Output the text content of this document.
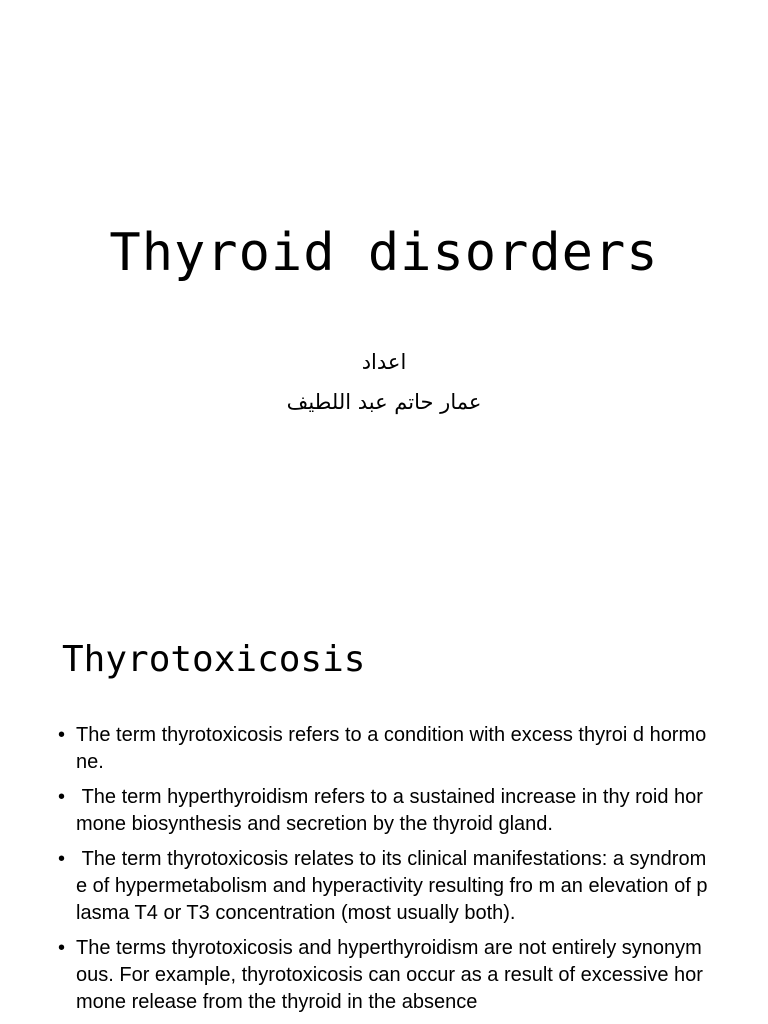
Thyroid disorders
اعداد
عمار حاتم عبد اللطيف
Thyrotoxicosis
• The term thyrotoxicosis refers to a condition with excess thyroi d hormone.
•  The term hyperthyroidism refers to a sustained increase in thy roid hormone biosynthesis and secretion by the thyroid gland.
•  The term thyrotoxicosis relates to its clinical manifestations: a syndrome of hypermetabolism and hyperactivity resulting fro m an elevation of plasma T4 or T3 concentration (most usually both).
• The terms thyrotoxicosis and hyperthyroidism are not entirely synonymous. For example, thyrotoxicosis can occur as a result of excessive hormone release from the thyroid in the absence
